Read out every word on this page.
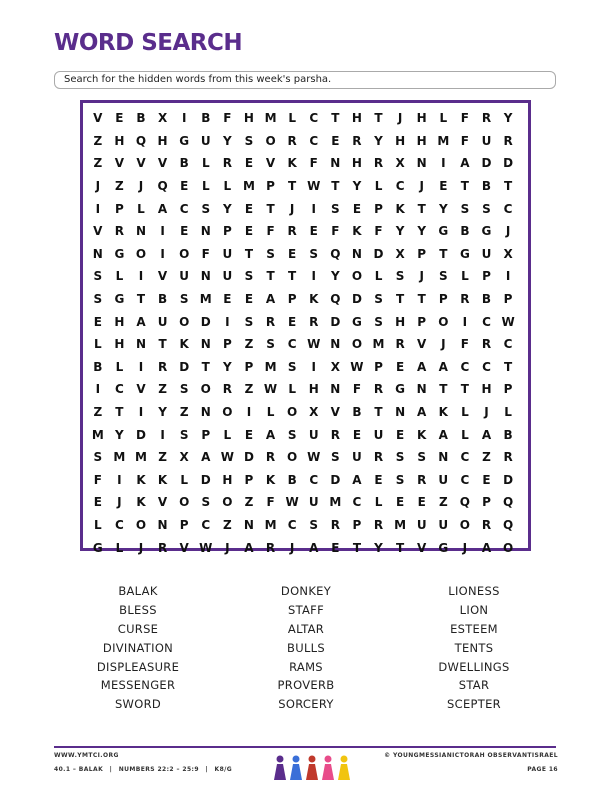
WORD SEARCH
Search for the hidden words from this week's parsha.
V	E	B	X	I	B	F	H M L	C	T	H	T	J	H	L	F	R	Y
Z	H Q H G U	Y	S	O R	C	E	R	Y	H H M F	U	R
Z	V	V	V	B	L	R	E	V	K	F	N H R	X N	I	A D D
J	Z	J	Q	E	L	L M P	T W T	Y	L	C	J	E	T	B	T
I	P	L	A	C	S	Y	E	T	J	I	S	E	P	K	T	Y	S	S	C
V	R N	I	E	N	P	E	F	R	E	F	K	F	Y	Y	G	B	G	J
N G O	I	O	F	U	T	S	E	S	Q N D X	P	T	G U	X
S	L	I	V	U N U	S	T	T	I	Y	O	L	S	J	S	L	P	I
S	G	T	B	S M E	E	A	P	K Q D	S	T	T	P	R	B	P
E	H A	U O D	I	S	R	E	R D G	S	H	P	O	I	C W
L	H N	T	K N	P	Z	S	C W N O M R	V	J	F	R	C
B	L	I	R D	T	Y	P M S	I	X W P	E	A	A	C	C	T
I	C	V	Z	S	O R	Z W L	H N	F	R	G N	T	T	H	P
Z	T	I	Y	Z	N O	I	L	O X	V	B	T	N A	K	L	J	L
M Y	D	I	S	P	L	E	A	S	U	R	E	U	E	K	A	L	A	B
S M M Z	X	A W D R O W S	U	R	S	S	N	C	Z	R
F	I	K	K	L	D H	P	K	B	C	D A	E	S	R	U	C	E	D
E	J	K	V O	S	O	Z	F W U M C	L	E	E	Z	Q	P	Q
L	C	O N	P	C	Z	N M C	S	R	P	R M U U O R Q
G	L	J	R	V W	J	A	R	J	A	E	T	Y	T	V	G	J	A O
BALAK
BLESS
CURSE
DIVINATION
DISPLEASURE
MESSENGER
SWORD
DONKEY
STAFF
ALTAR
BULLS
RAMS
PROVERB
SORCERY
LIONESS
LION
ESTEEM
TENTS
DWELLINGS
STAR
SCEPTER
WWW.YMTCI.ORG	© YOUNGMESSIANICTORAH OBSERVANTISRAEL
40.1 – BALAK | NUMBERS 22:2 – 25:9 | K8/G	PAGE 16
